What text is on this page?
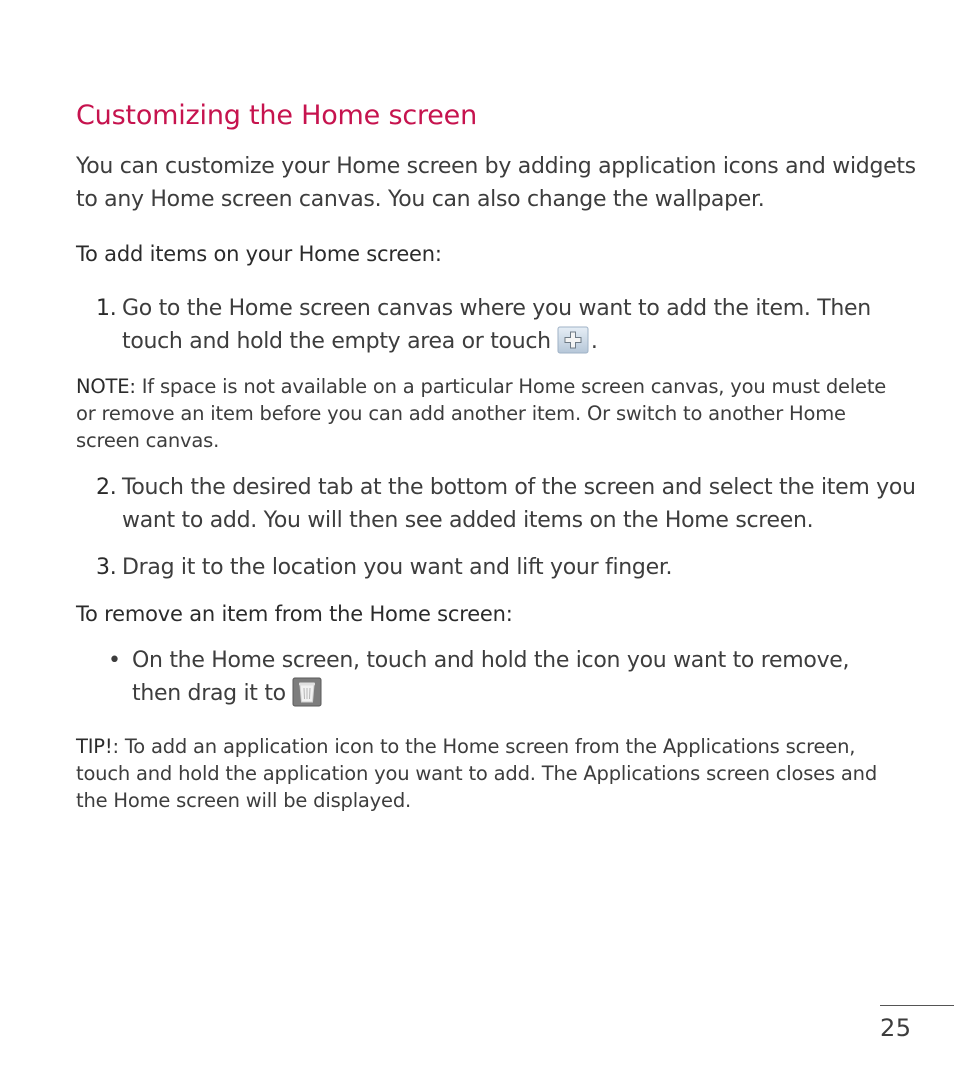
Customizing the Home screen
You can customize your Home screen by adding application icons and widgets to any Home screen canvas. You can also change the wallpaper.
To add items on your Home screen:
1. Go to the Home screen canvas where you want to add the item. Then touch and hold the empty area or touch .
NOTE: If space is not available on a particular Home screen canvas, you must delete or remove an item before you can add another item. Or switch to another Home screen canvas.
2. Touch the desired tab at the bottom of the screen and select the item you want to add. You will then see added items on the Home screen.
3. Drag it to the location you want and lift your finger.
To remove an item from the Home screen:
• On the Home screen, touch and hold the icon you want to remove, then drag it to
TIP!: To add an application icon to the Home screen from the Applications screen, touch and hold the application you want to add. The Applications screen closes and the Home screen will be displayed.
25
